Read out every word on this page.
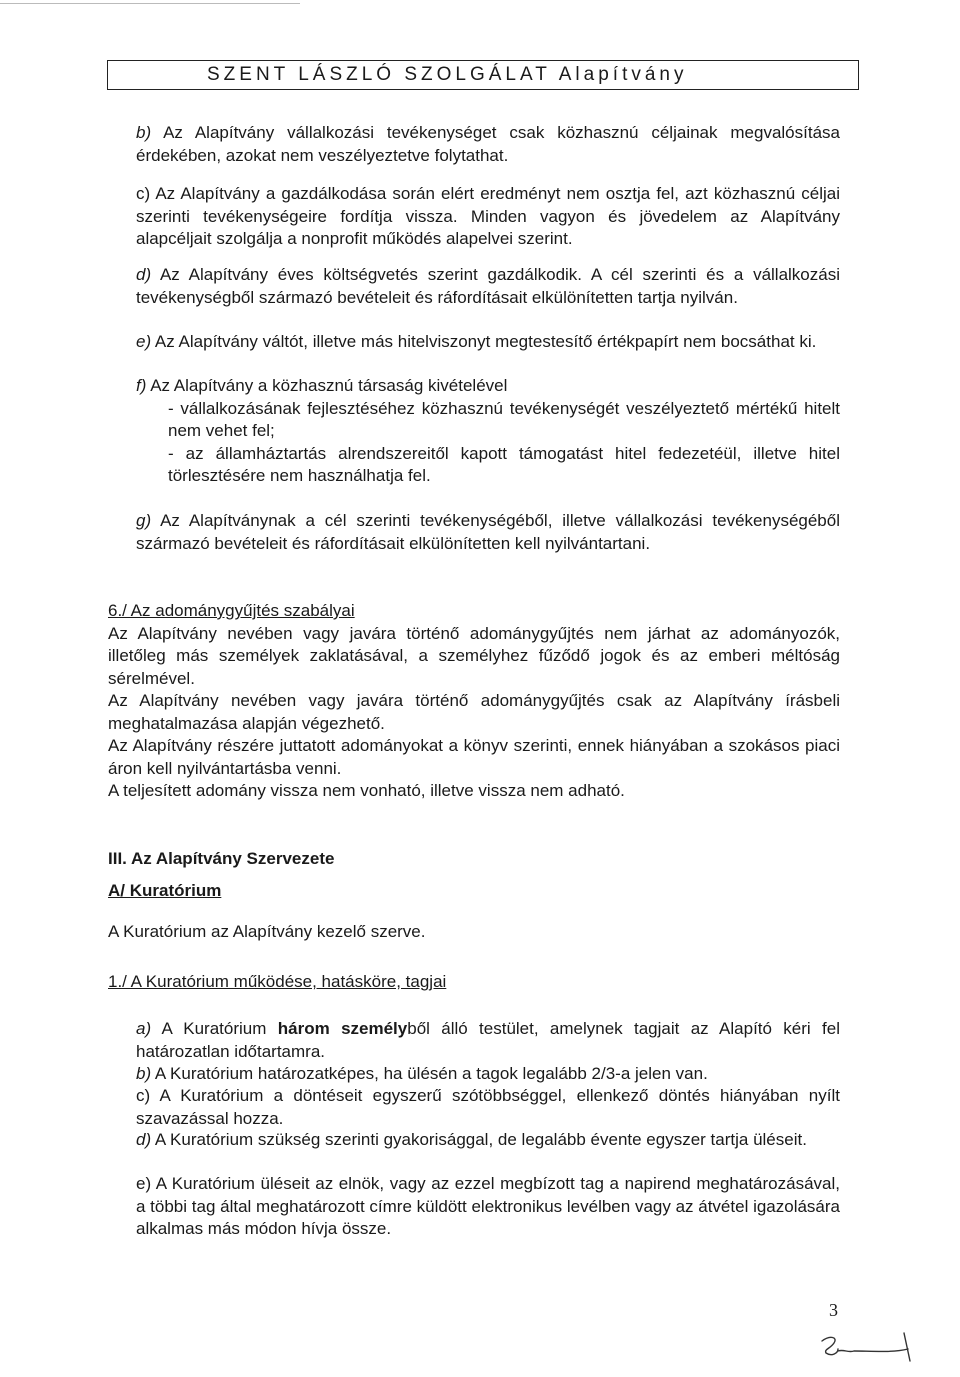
SZENT LÁSZLÓ SZOLGÁLAT Alapítvány
b) Az Alapítvány vállalkozási tevékenységet csak közhasznú céljainak megvalósítása érdekében, azokat nem veszélyeztetve folytathat.
c) Az Alapítvány a gazdálkodása során elért eredményt nem osztja fel, azt közhasznú céljai szerinti tevékenységeire fordítja vissza. Minden vagyon és jövedelem az Alapítvány alapcéljait szolgálja a nonprofit működés alapelvei szerint.
d) Az Alapítvány éves költségvetés szerint gazdálkodik. A cél szerinti és a vállalkozási tevékenységből származó bevételeit és ráfordításait elkülönítetten tartja nyilván.
e) Az Alapítvány váltót, illetve más hitelviszonyt megtestesítő értékpapírt nem bocsáthat ki.
f) Az Alapítvány a közhasznú társaság kivételével
- vállalkozásának fejlesztéséhez közhasznú tevékenységét veszélyeztető mértékű hitelt nem vehet fel;
- az államháztartás alrendszereitől kapott támogatást hitel fedezetéül, illetve hitel törlesztésére nem használhatja fel.
g) Az Alapítványnak a cél szerinti tevékenységéből, illetve vállalkozási tevékenységéből származó bevételeit és ráfordításait elkülönítetten kell nyilvántartani.
6./ Az adománygyűjtés szabályai
Az Alapítvány nevében vagy javára történő adománygyűjtés nem járhat az adományozók, illetőleg más személyek zaklatásával, a személyhez fűződő jogok és az emberi méltóság sérelmével.
Az Alapítvány nevében vagy javára történő adománygyűjtés csak az Alapítvány írásbeli meghatalmazása alapján végezhető.
Az Alapítvány részére juttatott adományokat a könyv szerinti, ennek hiányában a szokásos piaci áron kell nyilvántartásba venni.
A teljesített adomány vissza nem vonható, illetve vissza nem adható.
III. Az Alapítvány Szervezete
A/ Kuratórium
A Kuratórium az Alapítvány kezelő szerve.
1./ A Kuratórium működése, hatásköre, tagjai
a) A Kuratórium három személyből álló testület, amelynek tagjait az Alapító kéri fel határozatlan időtartamra.
b) A Kuratórium határozatképes, ha ülésén a tagok legalább 2/3-a jelen van.
c) A Kuratórium a döntéseit egyszerű szótöbbséggel, ellenkező döntés hiányában nyílt szavazással hozza.
d) A Kuratórium szükség szerinti gyakorisággal, de legalább évente egyszer tartja üléseit.
e) A Kuratórium üléseit az elnök, vagy az ezzel megbízott tag a napirend meghatározásával, a többi tag által meghatározott címre küldött elektronikus levélben vagy az átvétel igazolására alkalmas más módon hívja össze.
3
